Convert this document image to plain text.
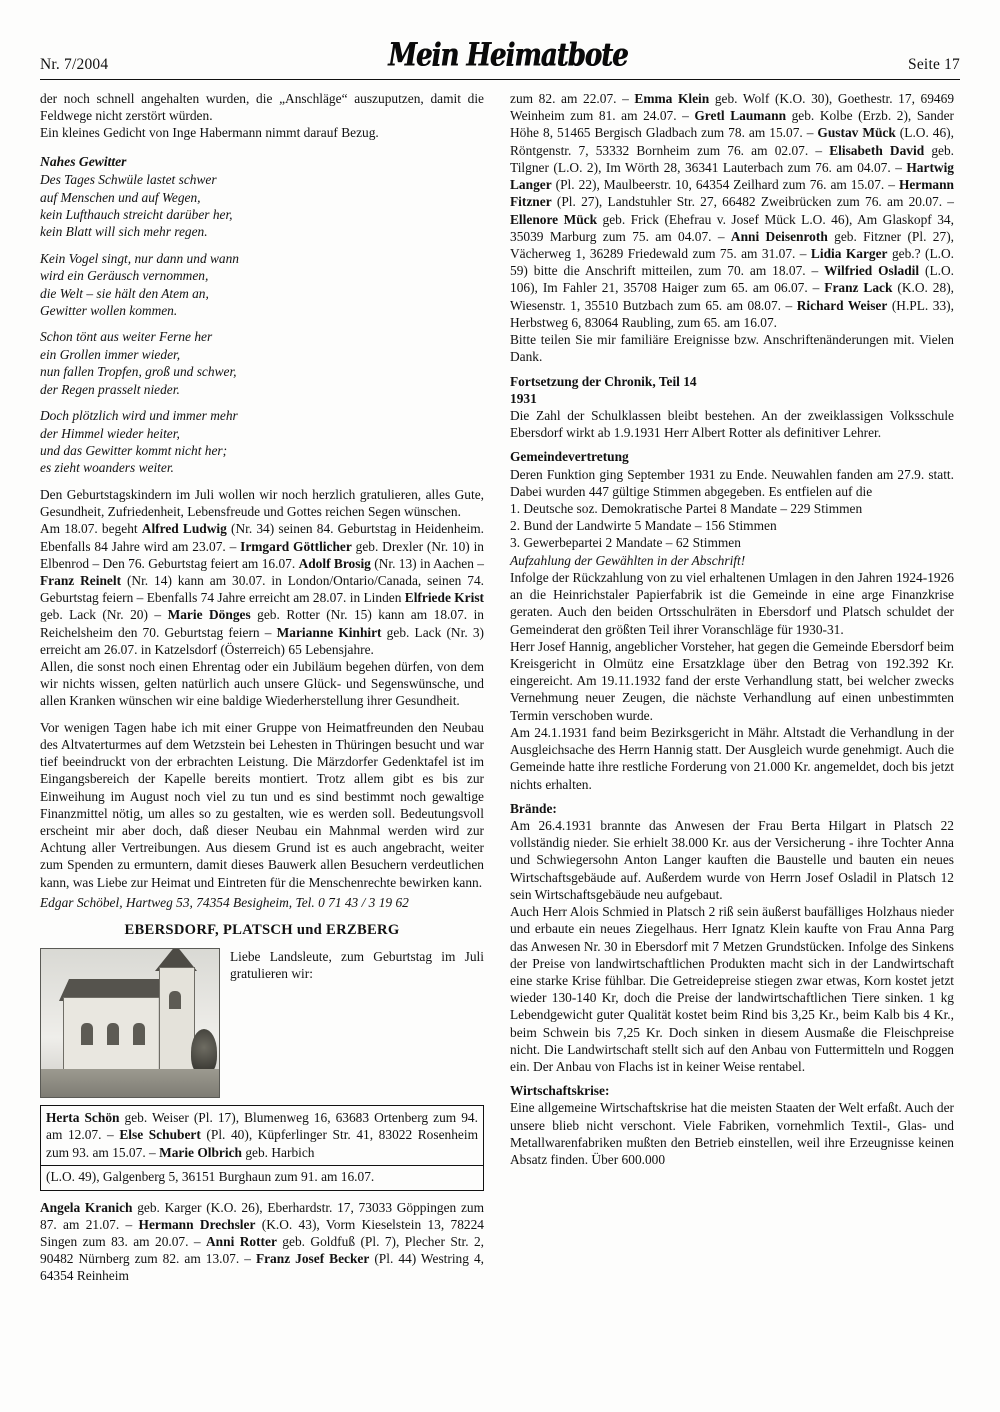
Nr. 7/2004	Mein Heimatbote	Seite 17

der noch schnell angehalten wurden, die „Anschläge“ auszuputzen, damit die Feldwege nicht zerstört würden.

Ein kleines Gedicht von Inge Habermann nimmt darauf Bezug.

Nahes Gewitter
Des Tages Schwüle lastet schwer
auf Menschen und auf Wegen,
kein Lufthauch streicht darüber her,
kein Blatt will sich mehr regen.
Kein Vogel singt, nur dann und wann
wird ein Geräusch vernommen,
die Welt – sie hält den Atem an,
Gewitter wollen kommen.
Schon tönt aus weiter Ferne her
ein Grollen immer wieder,
nun fallen Tropfen, groß und schwer,
der Regen prasselt nieder.
Doch plötzlich wird und immer mehr
der Himmel wieder heiter,
und das Gewitter kommt nicht her;
es zieht woanders weiter.

Den Geburtstagskindern im Juli wollen wir noch herzlich gratulieren, alles Gute, Gesundheit, Zufriedenheit, Lebensfreude und Gottes reichen Segen wünschen.

Am 18.07. begeht Alfred Ludwig (Nr. 34) seinen 84. Geburtstag in Heidenheim. Ebenfalls 84 Jahre wird am 23.07. – Irmgard Göttlicher geb. Drexler (Nr. 10) in Elbenrod – Den 76. Geburtstag feiert am 16.07. Adolf Brosig (Nr. 13) in Aachen – Franz Reinelt (Nr. 14) kann am 30.07. in London/Ontario/Canada, seinen 74. Geburtstag feiern – Ebenfalls 74 Jahre erreicht am 28.07. in Linden Elfriede Krist geb. Lack (Nr. 20) – Marie Dönges geb. Rotter (Nr. 15) kann am 18.07. in Reichelsheim den 70. Geburtstag feiern – Marianne Kinhirt geb. Lack (Nr. 3) erreicht am 26.07. in Katzelsdorf (Österreich) 65 Lebensjahre.

Allen, die sonst noch einen Ehrentag oder ein Jubiläum begehen dürfen, von dem wir nichts wissen, gelten natürlich auch unsere Glück- und Segenswünsche, und allen Kranken wünschen wir eine baldige Wiederherstellung ihrer Gesundheit.

Vor wenigen Tagen habe ich mit einer Gruppe von Heimatfreunden den Neubau des Altvaterturmes auf dem Wetzstein bei Lehesten in Thüringen besucht und war tief beeindruckt von der erbrachten Leistung. Die Märzdorfer Gedenktafel ist im Eingangsbereich der Kapelle bereits montiert. Trotz allem gibt es bis zur Einweihung im August noch viel zu tun und es sind bestimmt noch gewaltige Finanzmittel nötig, um alles so zu gestalten, wie es werden soll. Bedeutungsvoll erscheint mir aber doch, daß dieser Neubau ein Mahnmal werden wird zur Achtung aller Vertreibungen. Aus diesem Grund ist es auch angebracht, weiter zum Spenden zu ermuntern, damit dieses Bauwerk allen Besuchern verdeutlichen kann, was Liebe zur Heimat und Eintreten für die Menschenrechte bewirken kann.

Edgar Schöbel, Hartweg 53, 74354 Besigheim, Tel. 0 71 43 / 3 19 62

EBERSDORF, PLATSCH und ERZBERG
Liebe Landsleute, zum Geburtstag im Juli gratulieren wir:
Herta Schön geb. Weiser (Pl. 17), Blumenweg 16, 63683 Ortenberg zum 94. am 12.07. – Else Schubert (Pl. 40), Küpferlinger Str. 41, 83022 Rosenheim zum 93. am 15.07. – Marie Olbrich geb. Harbich
(L.O. 49), Galgenberg 5, 36151 Burghaun zum 91. am 16.07.

Angela Kranich geb. Karger (K.O. 26), Eberhardstr. 17, 73033 Göppingen zum 87. am 21.07. – Hermann Drechsler (K.O. 43), Vorm Kieselstein 13, 78224 Singen zum 83. am 20.07. – Anni Rotter geb. Goldfuß (Pl. 7), Plecher Str. 2, 90482 Nürnberg zum 82. am 13.07. – Franz Josef Becker (Pl. 44) Westring 4, 64354 Reinheim

zum 82. am 22.07. – Emma Klein geb. Wolf (K.O. 30), Goethestr. 17, 69469 Weinheim zum 81. am 24.07. – Gretl Laumann geb. Kolbe (Erzb. 2), Sander Höhe 8, 51465 Bergisch Gladbach zum 78. am 15.07. – Gustav Mück (L.O. 46), Röntgenstr. 7, 53332 Bornheim zum 76. am 02.07. – Elisabeth David geb. Tilgner (L.O. 2), Im Wörth 28, 36341 Lauterbach zum 76. am 04.07. – Hartwig Langer (Pl. 22), Maulbeerstr. 10, 64354 Zeilhard zum 76. am 15.07. – Hermann Fitzner (Pl. 27), Landstuhler Str. 27, 66482 Zweibrücken zum 76. am 20.07. – Ellenore Mück geb. Frick (Ehefrau v. Josef Mück L.O. 46), Am Glaskopf 34, 35039 Marburg zum 75. am 04.07. – Anni Deisenroth geb. Fitzner (Pl. 27), Vächerweg 1, 36289 Friedewald zum 75. am 31.07. – Lidia Karger geb.? (L.O. 59) bitte die Anschrift mitteilen, zum 70. am 18.07. – Wilfried Osladil (L.O. 106), Im Fahler 21, 35708 Haiger zum 65. am 06.07. – Franz Lack (K.O. 28), Wiesenstr. 1, 35510 Butzbach zum 65. am 08.07. – Richard Weiser (H.PL. 33), Herbstweg 6, 83064 Raubling, zum 65. am 16.07.

Bitte teilen Sie mir familiäre Ereignisse bzw. Anschriftenänderungen mit. Vielen Dank.

Fortsetzung der Chronik, Teil 14
1931

Die Zahl der Schulklassen bleibt bestehen. An der zweiklassigen Volksschule Ebersdorf wirkt ab 1.9.1931 Herr Albert Rotter als definitiver Lehrer.

Gemeindevertretung

Deren Funktion ging September 1931 zu Ende. Neuwahlen fanden am 27.9. statt. Dabei wurden 447 gültige Stimmen abgegeben. Es entfielen auf die

1. Deutsche soz. Demokratische Partei 8 Mandate – 229 Stimmen

2. Bund der Landwirte 5 Mandate – 156 Stimmen

3. Gewerbepartei 2 Mandate – 62 Stimmen

Aufzahlung der Gewählten in der Abschrift!

Infolge der Rückzahlung von zu viel erhaltenen Umlagen in den Jahren 1924-1926 an die Heinrichstaler Papierfabrik ist die Gemeinde in eine arge Finanzkrise geraten. Auch den beiden Ortsschulräten in Ebersdorf und Platsch schuldet der Gemeinderat den größten Teil ihrer Voranschläge für 1930-31.

Herr Josef Hannig, angeblicher Vorsteher, hat gegen die Gemeinde Ebersdorf beim Kreisgericht in Olmütz eine Ersatzklage über den Betrag von 192.392 Kr. eingereicht. Am 19.11.1932 fand der erste Verhandlung statt, bei welcher zwecks Vernehmung neuer Zeugen, die nächste Verhandlung auf einen unbestimmten Termin verschoben wurde.

Am 24.1.1931 fand beim Bezirksgericht in Mähr. Altstadt die Verhandlung in der Ausgleichsache des Herrn Hannig statt. Der Ausgleich wurde genehmigt. Auch die Gemeinde hatte ihre restliche Forderung von 21.000 Kr. angemeldet, doch bis jetzt nichts erhalten.

Brände:

Am 26.4.1931 brannte das Anwesen der Frau Berta Hilgart in Platsch 22 vollständig nieder. Sie erhielt 38.000 Kr. aus der Versicherung - ihre Tochter Anna und Schwiegersohn Anton Langer kauften die Baustelle und bauten ein neues Wirtschaftsgebäude auf. Außerdem wurde von Herrn Josef Osladil in Platsch 12 sein Wirtschaftsgebäude neu aufgebaut.

Auch Herr Alois Schmied in Platsch 2 riß sein äußerst baufälliges Holzhaus nieder und erbaute ein neues Ziegelhaus. Herr Ignatz Klein kaufte von Frau Anna Parg das Anwesen Nr. 30 in Ebersdorf mit 7 Metzen Grundstücken. Infolge des Sinkens der Preise von landwirtschaftlichen Produkten macht sich in der Landwirtschaft eine starke Krise fühlbar. Die Getreidepreise stiegen zwar etwas, Korn kostet jetzt wieder 130-140 Kr, doch die Preise der landwirtschaftlichen Tiere sinken. 1 kg Lebendgewicht guter Qualität kostet beim Rind bis 3,25 Kr., beim Kalb bis 4 Kr., beim Schwein bis 7,25 Kr. Doch sinken in diesem Ausmaße die Fleischpreise nicht. Die Landwirtschaft stellt sich auf den Anbau von Futtermitteln und Roggen ein. Der Anbau von Flachs ist in keiner Weise rentabel.

Wirtschaftskrise:

Eine allgemeine Wirtschaftskrise hat die meisten Staaten der Welt erfaßt. Auch der unsere blieb nicht verschont. Viele Fabriken, vornehmlich Textil-, Glas- und Metallwarenfabriken mußten den Betrieb einstellen, weil ihre Erzeugnisse keinen Absatz finden. Über 600.000
